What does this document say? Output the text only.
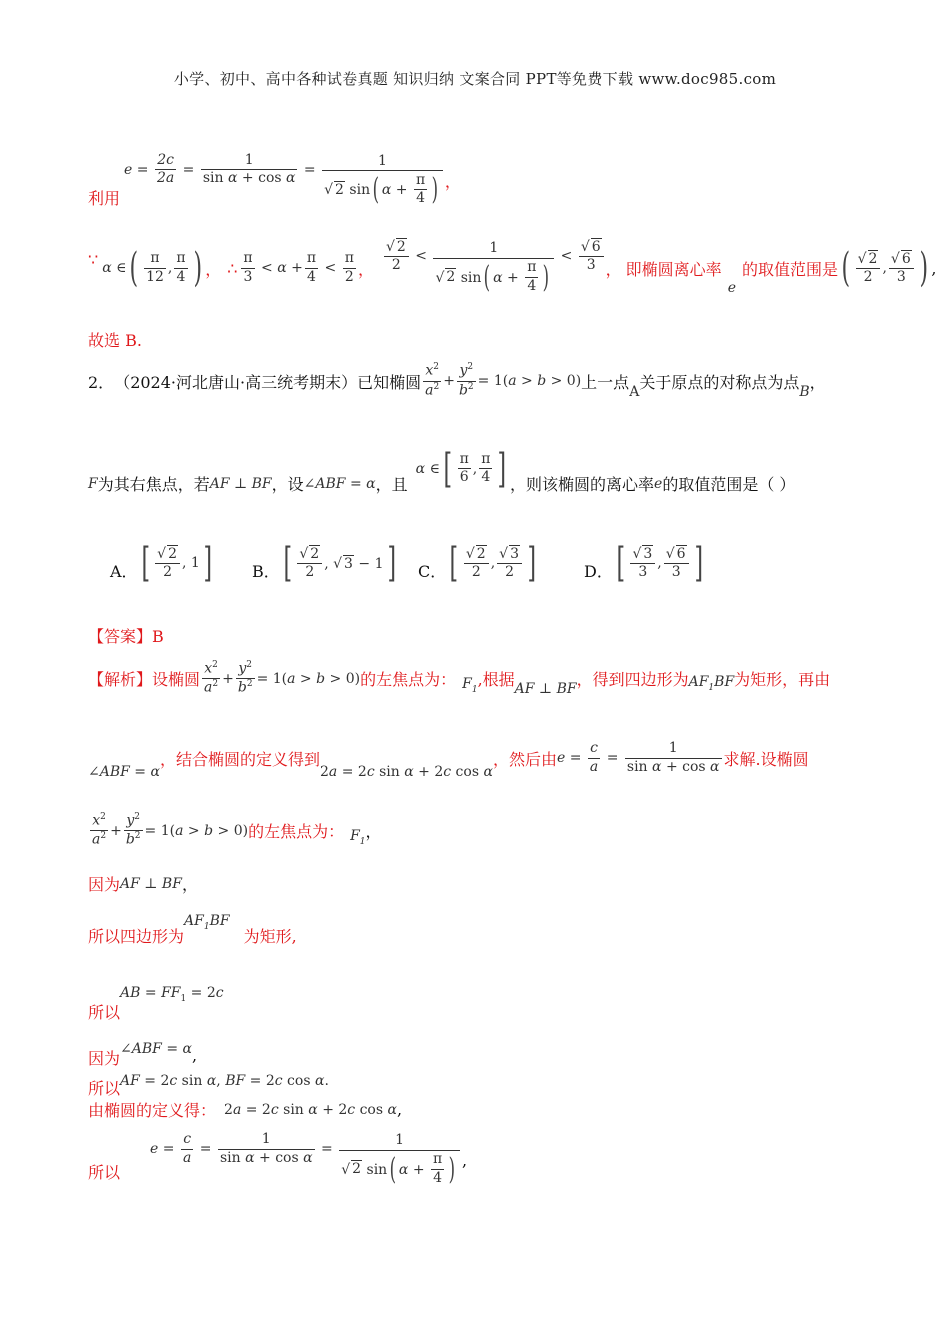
小学、初中、高中各种试卷真题 知识归纳 文案合同 PPT等免费下载 www.doc985.com
利用
$e = \frac{2c}{2a} = \frac{1}{\text{sin α + cos α}} = \frac{1}{√ 2 \sin( \alpha + \frac{\pi}{4} )}$ ，
∵ α ∈ ( $\frac{\pi}{12}$ , $\frac{\pi}{4}$ ) ， ∴ $\frac{\pi}{3} < \alpha + \frac{\pi}{4} < \frac{\pi}{2}$ ， $\frac{√ 2}{2} < \frac{1}{√ 2 \sin( \alpha + \frac{\pi}{4} )} < \frac{√ 6}{3}$ ， 即椭圆离心率
e
的取值范围是 ( $\frac{√ 2}{2}$ , $\frac{√ 6}{3}$ ) ,
故选 B.
2． （2024·河北唐山·高三统考期末） 已知椭圆 $\frac{x^2}{a^2} + \frac{y^2}{b^2} = 1(a > b > 0)$ 上一点
A
关于原点的对称点为点
B
，
F 为其右焦点，若 AF ⊥ BF ，设 ∠ABF = α ，且
α ∈ [ $\frac{\pi}{6}$ , $\frac{\pi}{4}$ ] ，则该椭圆的离心率 e 的取值范围是（ ）
A． [ $\frac{√ 2}{2}$ , 1 ]	B． [ $\frac{√ 2}{2}$ , √ 3 − 1 ] C． [ $\frac{√ 2}{2}$ , $\frac{√ 3}{2}$ ]	D． [ $\frac{√ 3}{3}$ , $\frac{√ 6}{3}$ ]
【答案】B
【解析】 设椭圆 $\frac{x^2}{a^2} + \frac{y^2}{b^2} = 1(a > b > 0)$ 的左焦点为： $F_1$
,根据 AF ⊥ BF ，得到四边形为 $AF_1BF$ 为矩形，再由
∠ABF = α
，结合椭圆的定义得到
2a = 2c sin α + 2c cos α
，然后由 $e = \frac{c}{a} = \frac{1}{\text{sin α + cos α}}$ 求解.设椭圆
$\frac{x^2}{a^2} + \frac{y^2}{b^2} = 1(a > b > 0)$ 的左焦点为： $F_1$
，
因为 AF ⊥ BF ，
所以四边形为
$AF_1BF$
为矩形,
所以
AB = $FF_1 = 2c$
因为
∠ABF = α ,
所以 AF = 2c sin α, BF = 2c cos α.
由椭圆的定义得： 2a = 2c sin α + 2c cos α ,
所以
$e = \frac{c}{a} = \frac{1}{\text{sin α + cos α}} = \frac{1}{√ 2 \sin( \alpha + \frac{\pi}{4} )}$ ,
